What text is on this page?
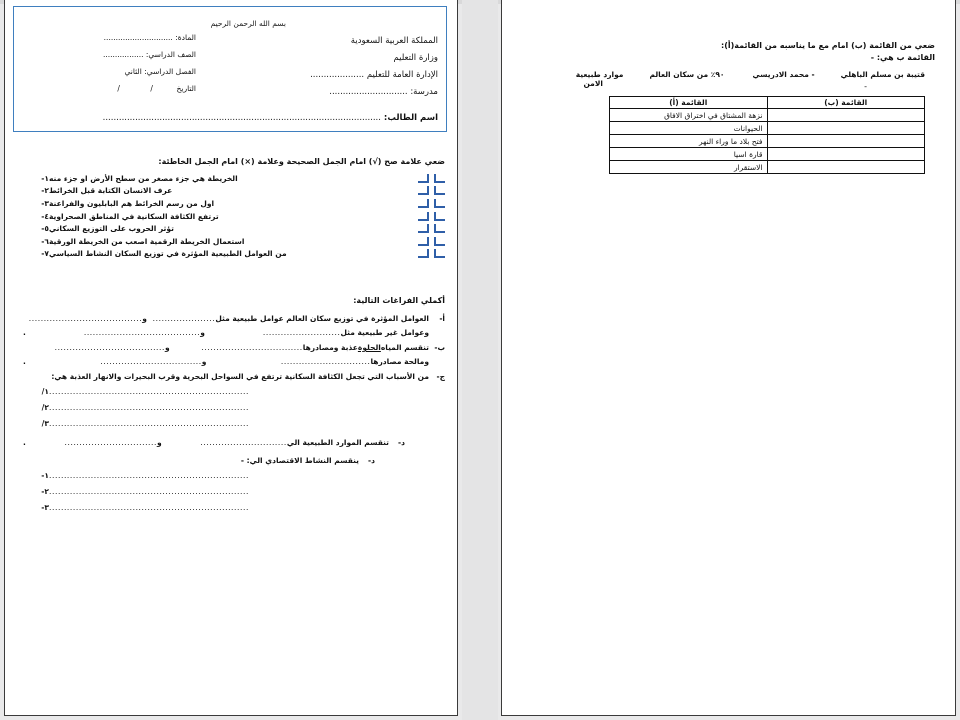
بسم الله الرحمن الرحيم
المملكة العربية السعودية
وزارة التعليم
الإدارة العامة للتعليم ....................
مدرسة: .............................
المادة: .............................
الصف الدراسي: .................
الفصل الدراسي: الثاني
التاريخ / /
اسم الطالب: .......................................................................................................
ضعي علامة صح (√) امام الجمل الصحيحة وعلامة (×) امام الجمل الخاطئة:
الخريطة هي جزء مصغر من سطح الأرض او جزء منه
١-
عرف الانسان الكتابة قبل الخرائط
٢-
اول من رسم الخرائط هم البابليون والفراعنة
٣-
ترتفع الكثافة السكانية في المناطق الصحراوية
٤-
تؤثر الحروب على التوزيع السكاني
٥-
استعمال الخريطة الرقمية اصعب من الخريطة الورقية
٦-
من العوامل الطبيعية المؤثرة في توزيع السكان النشاط السياسي
٧-
أكملي الفراغات التالية:
أ-
العوامل المؤثرة في توزيع سكان العالم عوامل طبيعية مثل
.....................
و
......................................
وعوامل غير طبيعية مثل
..........................
و
.......................................
.
ب-
تنقسم المياه
الحلوة
عذبة ومصادرها
..................................
و
.....................................
ومالحة مصادرها
..............................
و
..................................
.
ج-
من الأسباب التي تجعل الكثافة السكانية ترتفع في السواحل البحرية وقرب البحيرات والانهار العذبة هي:
...................................................................
١/
...................................................................
٢/
...................................................................
٣/
د-
تنقسم الموارد الطبيعية الي
.............................
و
...............................
.
د-
ينقسم النشاط الاقتصادي الي: -
...................................................................
١-
...................................................................
٢-
...................................................................
٣-
ضعي من القائمة (ب) امام مع ما يناسبه من القائمة(أ):
القائمة ب هي: -
قتيبة بن مسلم الباهلي
- محمد الادريسي
٩٠٪ من سكان العالم
موارد طبيعية
الامن	-
القائمة (ب)	القائمة (أ)
	نزهة المشتاق في اختراق الافاق
	الحيوانات
	فتح بلاد ما وراء النهر
	قارة اسيا
	الاستقرار
